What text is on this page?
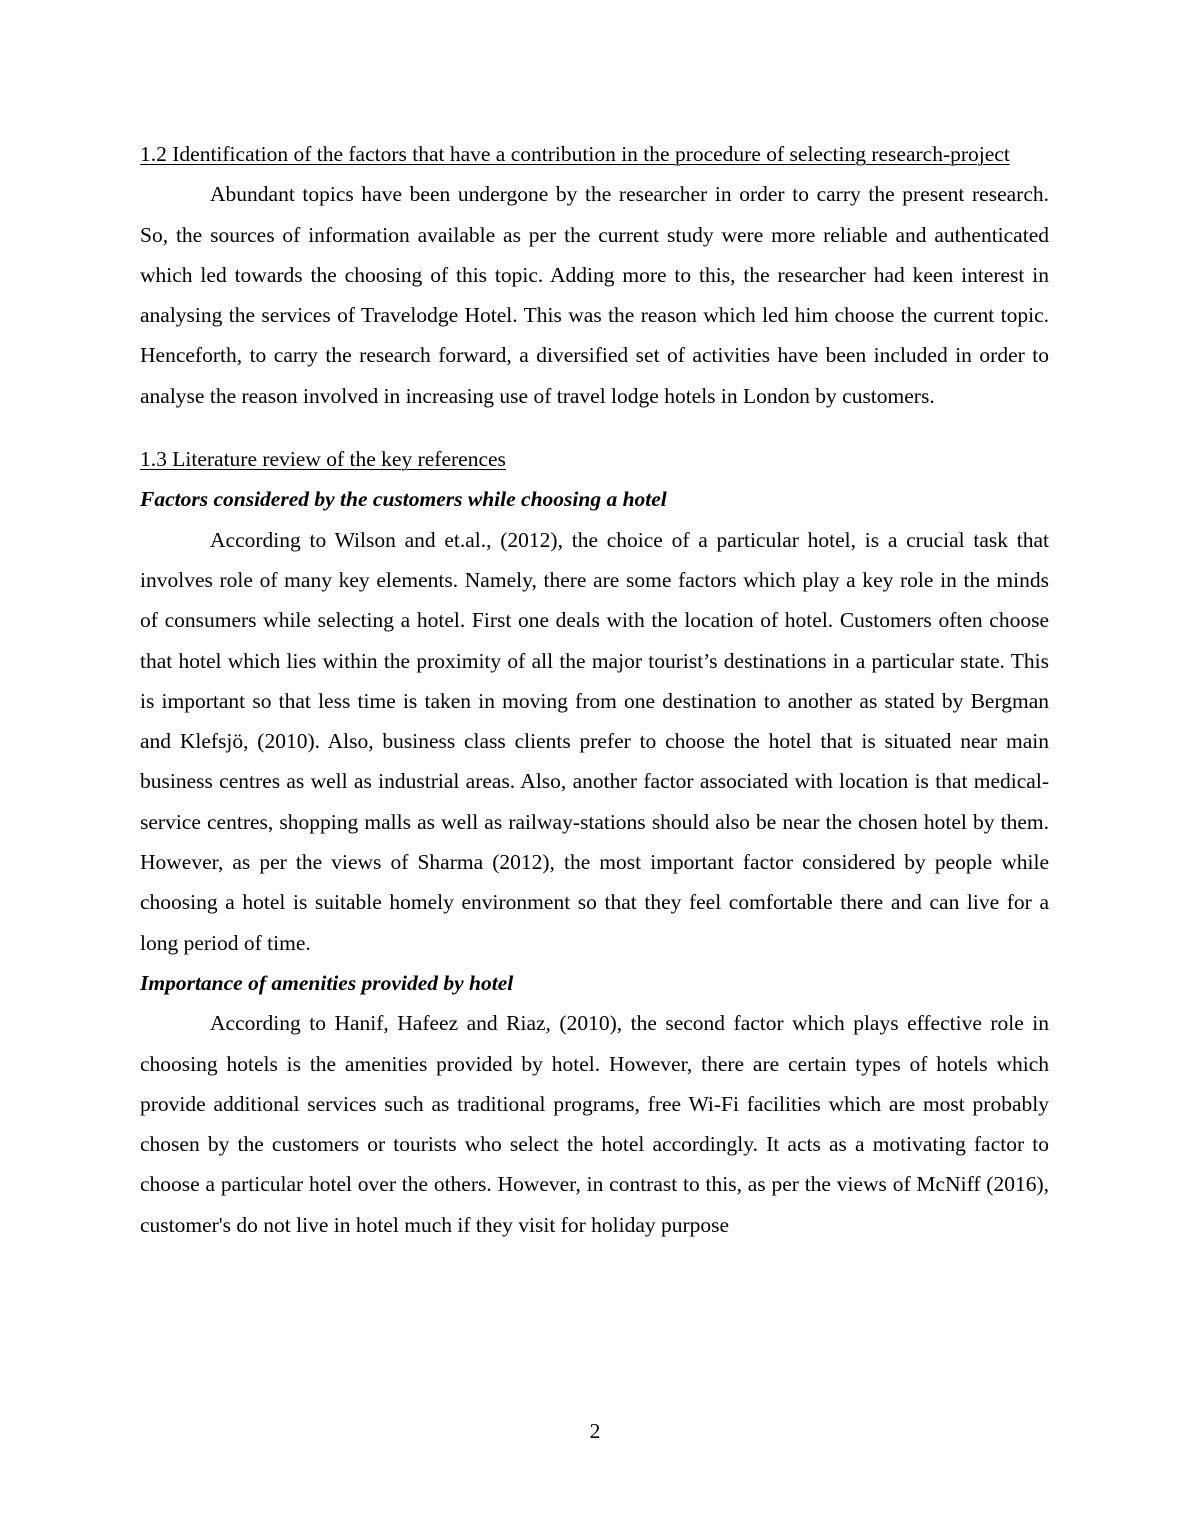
1.2 Identification of the factors that have a contribution in the procedure of selecting research-project

Abundant topics have been undergone by the researcher in order to carry the present research. So, the sources of information available as per the current study were more reliable and authenticated which led towards the choosing of this topic. Adding more to this, the researcher had keen interest in analysing the services of Travelodge Hotel. This was the reason which led him choose the current topic. Henceforth, to carry the research forward, a diversified set of activities have been included in order to analyse the reason involved in increasing use of travel lodge hotels in London by customers.

1.3 Literature review of the key references

Factors considered by the customers while choosing a hotel

According to Wilson and et.al., (2012), the choice of a particular hotel, is a crucial task that involves role of many key elements. Namely, there are some factors which play a key role in the minds of consumers while selecting a hotel. First one deals with the location of hotel. Customers often choose that hotel which lies within the proximity of all the major tourist’s destinations in a particular state. This is important so that less time is taken in moving from one destination to another as stated by Bergman and Klefsjö, (2010). Also, business class clients prefer to choose the hotel that is situated near main business centres as well as industrial areas. Also, another factor associated with location is that medical-service centres, shopping malls as well as railway-stations should also be near the chosen hotel by them. However, as per the views of Sharma (2012), the most important factor considered by people while choosing a hotel is suitable homely environment so that they feel comfortable there and can live for a long period of time.

Importance of amenities provided by hotel

According to Hanif, Hafeez and Riaz, (2010), the second factor which plays effective role in choosing hotels is the amenities provided by hotel. However, there are certain types of hotels which provide additional services such as traditional programs, free Wi-Fi facilities which are most probably chosen by the customers or tourists who select the hotel accordingly. It acts as a motivating factor to choose a particular hotel over the others. However, in contrast to this, as per the views of McNiff (2016), customer's do not live in hotel much if they visit for holiday purpose

2
